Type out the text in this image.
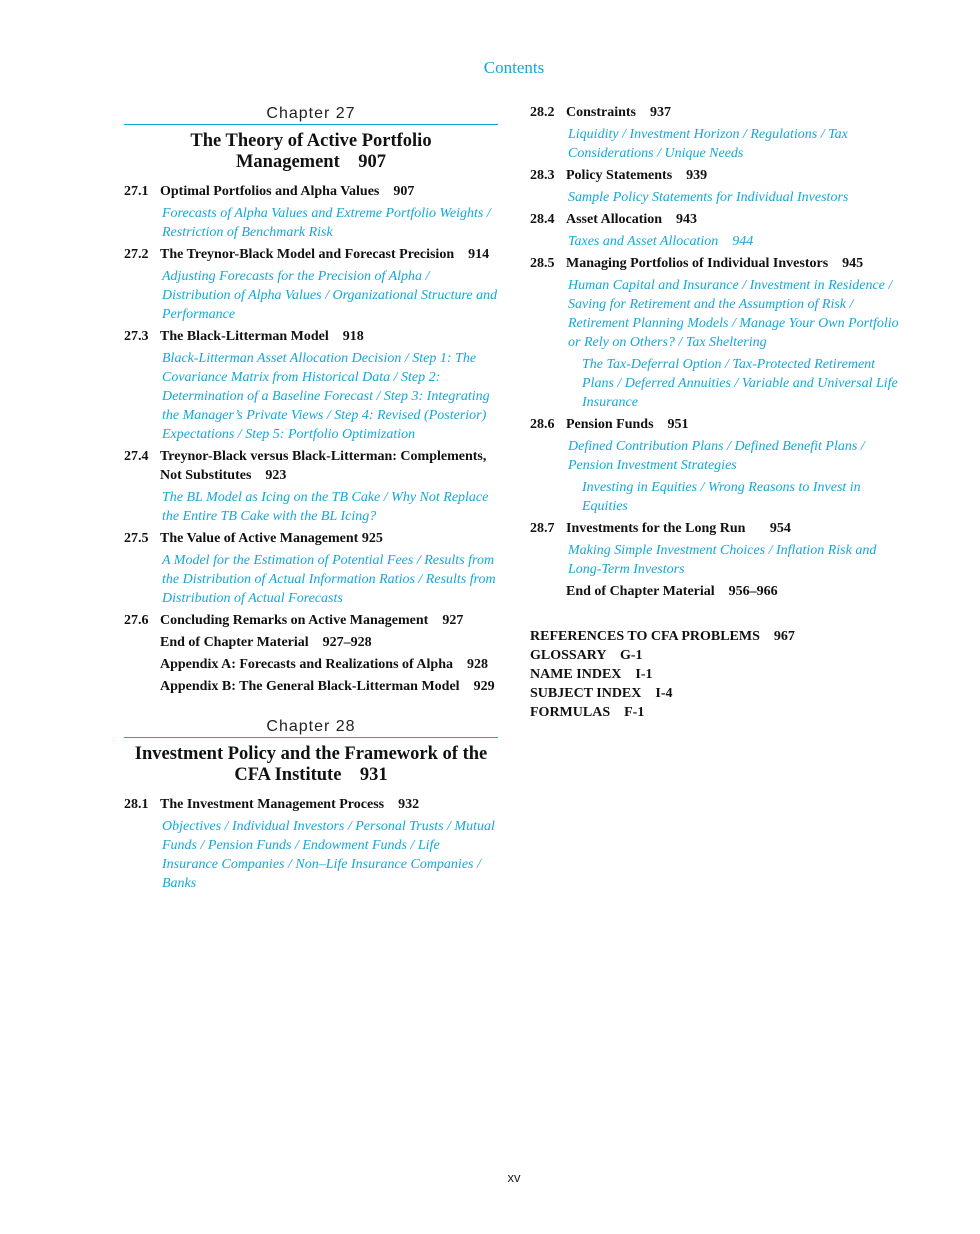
Contents
Chapter 27
The Theory of Active Portfolio
Management    907
27.1 Optimal Portfolios and Alpha Values    907
Forecasts of Alpha Values and Extreme Portfolio Weights / Restriction of Benchmark Risk
27.2 The Treynor-Black Model and Forecast Precision    914
Adjusting Forecasts for the Precision of Alpha / Distribution of Alpha Values / Organizational Structure and Performance
27.3 The Black-Litterman Model    918
Black-Litterman Asset Allocation Decision / Step 1: The Covariance Matrix from Historical Data / Step 2: Determination of a Baseline Forecast / Step 3: Integrating the Manager’s Private Views / Step 4: Revised (Posterior) Expectations / Step 5: Portfolio Optimization
27.4 Treynor-Black versus Black-Litterman: Complements, Not Substitutes    923
The BL Model as Icing on the TB Cake / Why Not Replace the Entire TB Cake with the BL Icing?
27.5 The Value of Active Management 925
A Model for the Estimation of Potential Fees / Results from the Distribution of Actual Information Ratios / Results from Distribution of Actual Forecasts
27.6 Concluding Remarks on Active Management    927
End of Chapter Material    927–928
Appendix A: Forecasts and Realizations of Alpha    928
Appendix B: The General Black-Litterman Model    929
Chapter 28
Investment Policy and the Framework of the
CFA Institute    931
28.1 The Investment Management Process    932
Objectives / Individual Investors / Personal Trusts / Mutual Funds / Pension Funds / Endowment Funds / Life Insurance Companies / Non–Life Insurance Companies / Banks
28.2 Constraints    937
Liquidity / Investment Horizon / Regulations / Tax Considerations / Unique Needs
28.3 Policy Statements    939
Sample Policy Statements for Individual Investors
28.4 Asset Allocation    943
Taxes and Asset Allocation    944
28.5 Managing Portfolios of Individual Investors    945
Human Capital and Insurance / Investment in Residence / Saving for Retirement and the Assumption of Risk / Retirement Planning Models / Manage Your Own Portfolio or Rely on Others? / Tax Sheltering
The Tax-Deferral Option / Tax-Protected Retirement Plans / Deferred Annuities / Variable and Universal Life Insurance
28.6 Pension Funds    951
Defined Contribution Plans / Defined Benefit Plans / Pension Investment Strategies
Investing in Equities / Wrong Reasons to Invest in Equities
28.7 Investments for the Long Run       954
Making Simple Investment Choices / Inflation Risk and Long-Term Investors
End of Chapter Material    956–966
REFERENCES TO CFA PROBLEMS    967
GLOSSARY    G-1
NAME INDEX    I-1
SUBJECT INDEX    I-4
FORMULAS    F-1
xv
